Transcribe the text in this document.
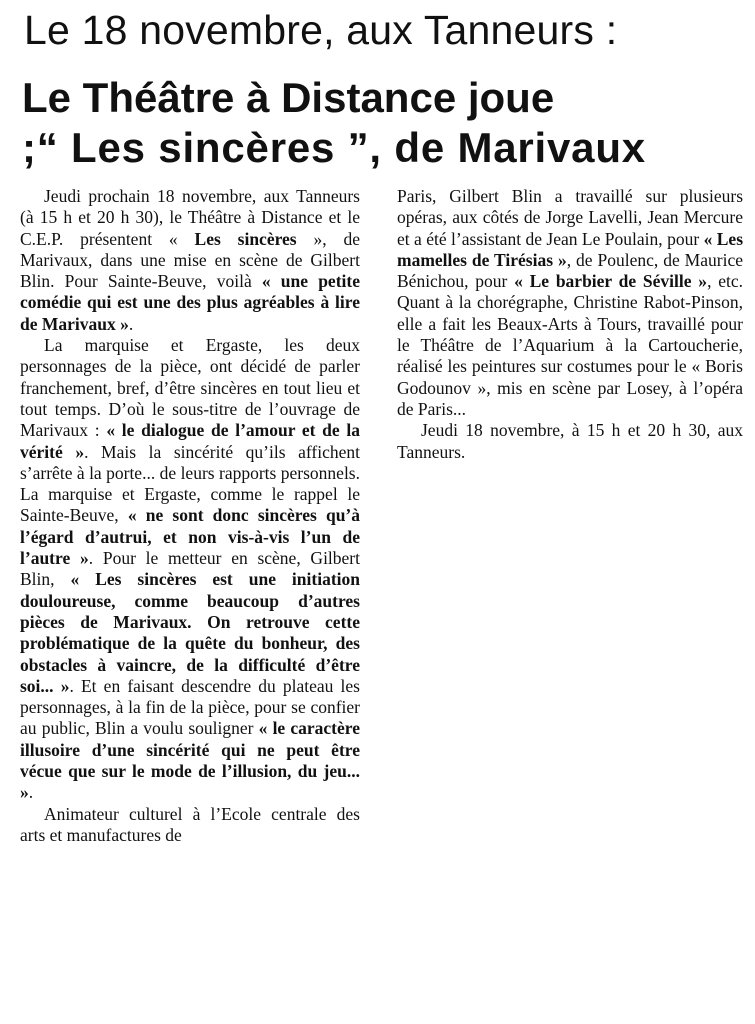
Le 18 novembre, aux Tanneurs :
Le Théâtre à Distance joue
;“ Les sincères ”, de Marivaux

Jeudi prochain 18 novembre, aux Tanneurs (à 15 h et 20 h 30), le Théâtre à Distance et le C.E.P. présentent « Les sincères », de Marivaux, dans une mise en scène de Gilbert Blin. Pour Sainte-Beuve, voilà « une petite comédie qui est une des plus agréables à lire de Marivaux ».

La marquise et Ergaste, les deux personnages de la pièce, ont décidé de parler franchement, bref, d’être sincères en tout lieu et tout temps. D’où le sous-titre de l’ouvrage de Marivaux : « le dialogue de l’amour et de la vérité ». Mais la sincérité qu’ils affichent s’arrête à la porte... de leurs rapports personnels. La marquise et Ergaste, comme le rappel le Sainte-Beuve, « ne sont donc sincères qu’à l’égard d’autrui, et non vis-à-vis l’un de l’autre ». Pour le metteur en scène, Gilbert Blin, « Les sincères est une initiation douloureuse, comme beaucoup d’autres pièces de Marivaux. On retrouve cette problématique de la quête du bonheur, des obstacles à vaincre, de la difficulté d’être soi... ». Et en faisant descendre du plateau les personnages, à la fin de la pièce, pour se confier au public, Blin a voulu souligner « le caractère illusoire d’une sincérité qui ne peut être vécue que sur le mode de l’illusion, du jeu... ».

Animateur culturel à l’Ecole centrale des arts et manufactures de

Paris, Gilbert Blin a travaillé sur plusieurs opéras, aux côtés de Jorge Lavelli, Jean Mercure et a été l’assistant de Jean Le Poulain, pour « Les mamelles de Tirésias », de Poulenc, de Maurice Bénichou, pour « Le barbier de Séville », etc. Quant à la chorégraphe, Christine Rabot-Pinson, elle a fait les Beaux-Arts à Tours, travaillé pour le Théâtre de l’Aquarium à la Cartoucherie, réalisé les peintures sur costumes pour le « Boris Godounov », mis en scène par Losey, à l’opéra de Paris...

Jeudi 18 novembre, à 15 h et 20 h 30, aux Tanneurs.
